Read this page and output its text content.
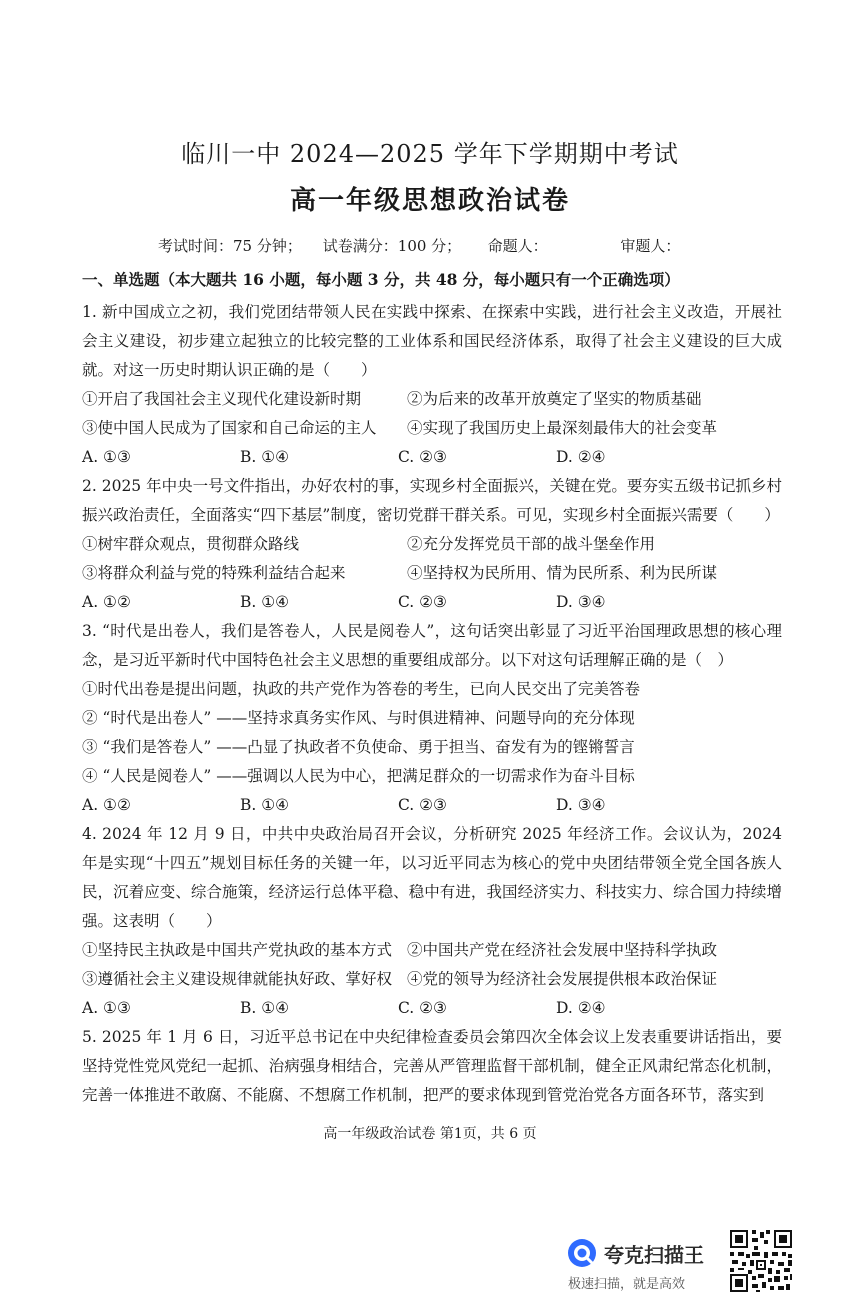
临川一中 2024—2025 学年下学期期中考试
高一年级思想政治试卷
考试时间：75 分钟； 试卷满分：100 分； 命题人：	审题人：
一、单选题（本大题共 16 小题，每小题 3 分，共 48 分，每小题只有一个正确选项）

1. 新中国成立之初，我们党团结带领人民在实践中探索、在探索中实践，进行社会主义改造，开展社会主义建设，初步建立起独立的比较完整的工业体系和国民经济体系，取得了社会主义建设的巨大成就。对这一历史时期认识正确的是（　　）

①开启了我国社会主义现代化建设新时期	②为后来的改革开放奠定了坚实的物质基础
③使中国人民成为了国家和自己命运的主人	④实现了我国历史上最深刻最伟大的社会变革
A. ①③	B. ①④	C. ②③	D. ②④

2. 2025 年中央一号文件指出，办好农村的事，实现乡村全面振兴，关键在党。要夯实五级书记抓乡村振兴政治责任，全面落实“四下基层”制度，密切党群干群关系。可见，实现乡村全面振兴需要（　　）

①树牢群众观点，贯彻群众路线	②充分发挥党员干部的战斗堡垒作用
③将群众利益与党的特殊利益结合起来	④坚持权为民所用、情为民所系、利为民所谋
A. ①②	B. ①④	C. ②③	D. ③④

3. “时代是出卷人，我们是答卷人，人民是阅卷人”，这句话突出彰显了习近平治国理政思想的核心理念，是习近平新时代中国特色社会主义思想的重要组成部分。以下对这句话理解正确的是（　）

①时代出卷是提出问题，执政的共产党作为答卷的考生，已向人民交出了完美答卷
② “时代是出卷人” ——坚持求真务实作风、与时俱进精神、问题导向的充分体现
③ “我们是答卷人” ——凸显了执政者不负使命、勇于担当、奋发有为的铿锵誓言
④ “人民是阅卷人” ——强调以人民为中心，把满足群众的一切需求作为奋斗目标
A. ①②	B. ①④	C. ②③	D. ③④

4. 2024 年 12 月 9 日，中共中央政治局召开会议，分析研究 2025 年经济工作。会议认为，2024 年是实现“十四五”规划目标任务的关键一年，以习近平同志为核心的党中央团结带领全党全国各族人民，沉着应变、综合施策，经济运行总体平稳、稳中有进，我国经济实力、科技实力、综合国力持续增强。这表明（　　）

①坚持民主执政是中国共产党执政的基本方式 ②中国共产党在经济社会发展中坚持科学执政
③遵循社会主义建设规律就能执好政、掌好权 ④党的领导为经济社会发展提供根本政治保证
A. ①③	B. ①④	C. ②③	D. ②④

5. 2025 年 1 月 6 日，习近平总书记在中央纪律检查委员会第四次全体会议上发表重要讲话指出，要坚持党性党风党纪一起抓、治病强身相结合，完善从严管理监督干部机制，健全正风肃纪常态化机制，完善一体推进不敢腐、不能腐、不想腐工作机制，把严的要求体现到管党治党各方面各环节，落实到

高一年级政治试卷 第1页，共 6 页
夸克扫描王
极速扫描，就是高效
